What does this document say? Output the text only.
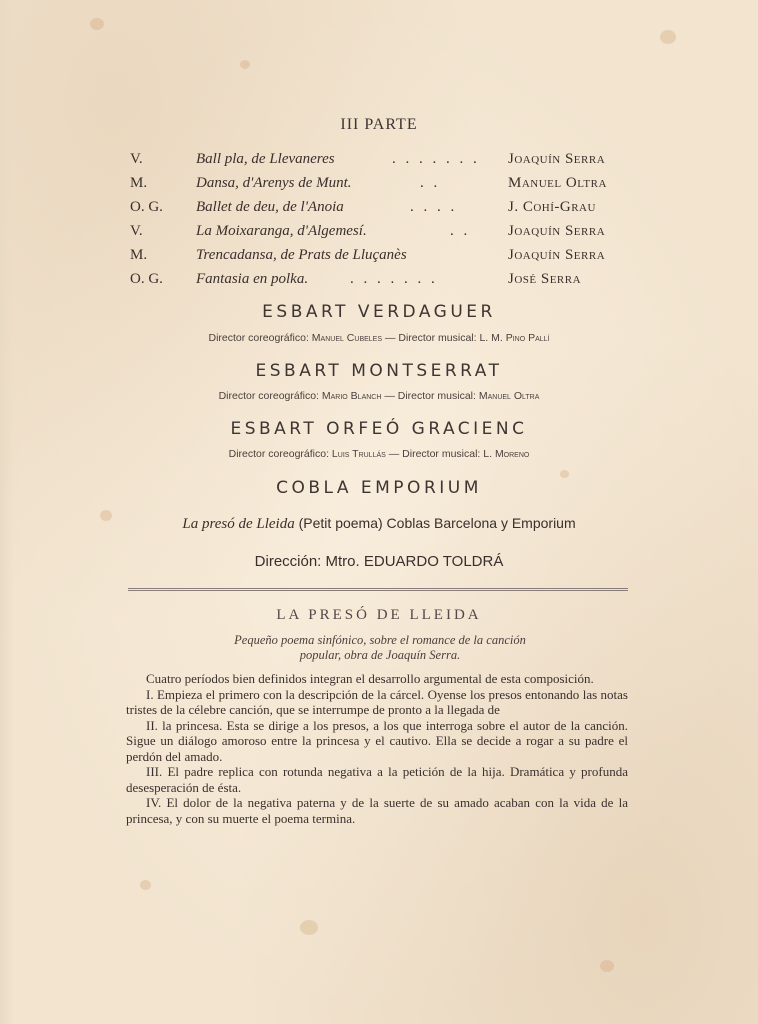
III PARTE
V.	Ball pla, de Llevaneres	. . . . . . .	Joaquín Serra
M.	Dansa, d'Arenys de Munt.	. .	Manuel Oltra
O. G. Ballet de deu, de l'Anoia	. . . .	J. Cohí-Grau
V.	La Moixaranga, d'Algemesí.	. .	Joaquín Serra
M.	Trencadansa, de Prats de Lluçanès	Joaquín Serra
O. G. Fantasia en polka.	. . . . . . .	José Serra
ESBART VERDAGUER
Director coreográfico: Manuel Cubeles — Director musical: L. M. Pino Pallí
ESBART MONTSERRAT
Director coreográfico: Mario Blanch — Director musical: Manuel Oltra
ESBART ORFEÓ GRACIENC
Director coreográfico: Luis Trullás — Director musical: L. Moreno
COBLA EMPORIUM
La presó de Lleida (Petit poema) Coblas Barcelona y Emporium
Dirección: Mtro. EDUARDO TOLDRÁ
LA PRESÓ DE LLEIDA
Pequeño poema sinfónico, sobre el romance de la canción
popular, obra de Joaquín Serra.

Cuatro períodos bien definidos integran el desarrollo argumental de esta composición.

I. Empieza el primero con la descripción de la cárcel. Oyense los presos entonando las notas tristes de la célebre canción, que se interrumpe de pronto a la llegada de

II. la princesa. Esta se dirige a los presos, a los que interroga sobre el autor de la canción. Sigue un diálogo amoroso entre la princesa y el cautivo. Ella se decide a rogar a su padre el perdón del amado.

III. El padre replica con rotunda negativa a la petición de la hija. Dramática y profunda desesperación de ésta.

IV. El dolor de la negativa paterna y de la suerte de su amado acaban con la vida de la princesa, y con su muerte el poema termina.
